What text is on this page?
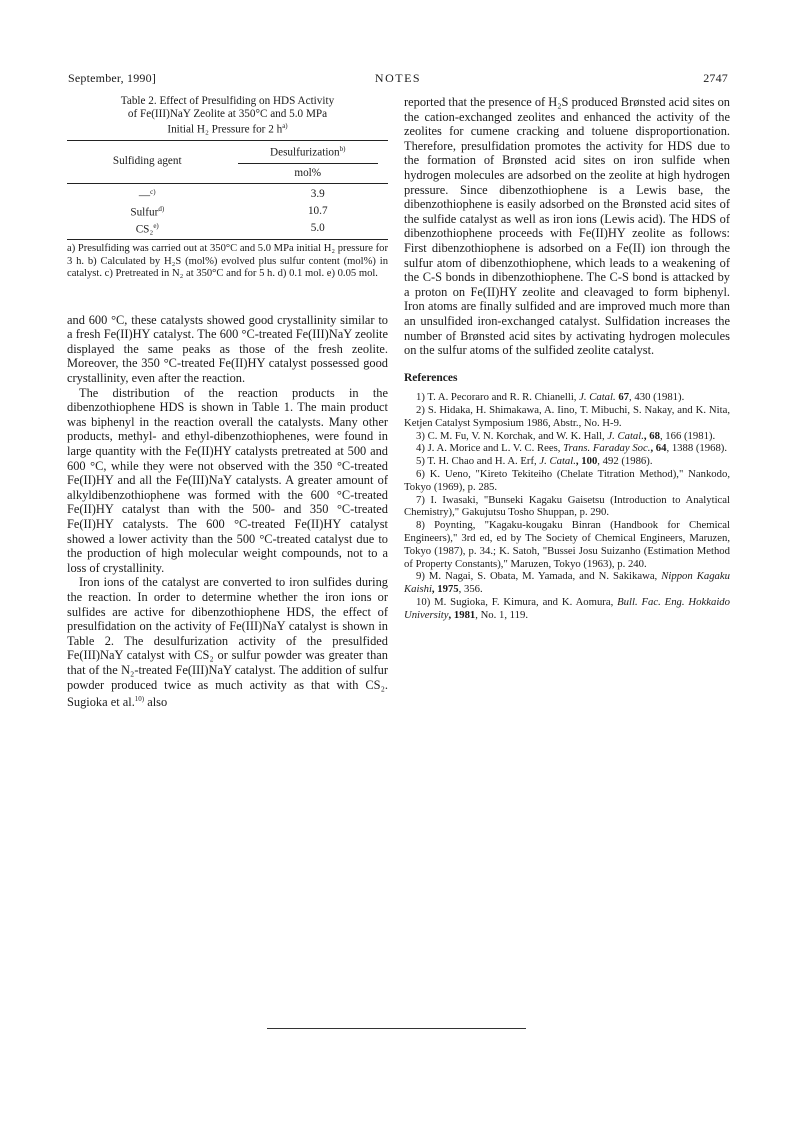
September, 1990]	NOTES	2747
Table 2. Effect of Presulfiding on HDS Activity
of Fe(III)NaY Zeolite at 350°C and 5.0 MPa
Initial H₂ Pressure for 2 $h^{a)}$
Sulfiding agent	Desulfurization$^{b)}$

	mol%

—$^{c)}$	3.9
Sulfur$^{d)}$	10.7
CS₂$^{e)}$	5.0
a) Presulfiding was carried out at 350°C and 5.0 MPa initial H₂ pressure for 3 h. b) Calculated by H₂S (mol%) evolved plus sulfur content (mol%) in catalyst. c) Pretreated in N₂ at 350°C and for 5 h. d) 0.1 mol. e) 0.05 mol.

and 600 °C, these catalysts showed good crystallinity similar to a fresh Fe(II)HY catalyst. The 600 °C-treated Fe(III)NaY zeolite displayed the same peaks as those of the fresh zeolite. Moreover, the 350 °C-treated Fe(II)HY catalyst possessed good crystallinity, even after the reaction.

The distribution of the reaction products in the dibenzothiophene HDS is shown in Table 1. The main product was biphenyl in the reaction overall the catalysts. Many other products, methyl- and ethyl-dibenzothiophenes, were found in large quantity with the Fe(II)HY catalysts pretreated at 500 and 600 °C, while they were not observed with the 350 °C-treated Fe(II)HY and all the Fe(III)NaY catalysts. A greater amount of alkyldibenzothiophene was formed with the 600 °C-treated Fe(II)HY catalyst than with the 500- and 350 °C-treated Fe(II)HY catalysts. The 600 °C-treated Fe(II)HY catalyst showed a lower activity than the 500 °C-treated catalyst due to the production of high molecular weight compounds, not to a loss of crystallinity.

Iron ions of the catalyst are converted to iron sulfides during the reaction. In order to determine whether the iron ions or sulfides are active for dibenzothiophene HDS, the effect of presulfidation on the activity of Fe(III)NaY catalyst is shown in Table 2. The desulfurization activity of the presulfided Fe(III)NaY catalyst with CS₂ or sulfur powder was greater than that of the N₂-treated Fe(III)NaY catalyst. The addition of sulfur powder produced twice as much activity as that with CS₂. Sugioka et al.$^{10)}$ also

reported that the presence of H₂S produced Brønsted acid sites on the cation-exchanged zeolites and enhanced the activity of the zeolites for cumene cracking and toluene disproportionation. Therefore, presulfidation promotes the activity for HDS due to the formation of Brønsted acid sites on iron sulfide when hydrogen molecules are adsorbed on the zeolite at high hydrogen pressure. Since dibenzothiophene is a Lewis base, the dibenzothiophene is easily adsorbed on the Brønsted acid sites of the sulfide catalyst as well as iron ions (Lewis acid). The HDS of dibenzothiophene proceeds with Fe(II)HY zeolite as follows: First dibenzothiophene is adsorbed on a Fe(II) ion through the sulfur atom of dibenzothiophene, which leads to a weakening of the C-S bonds in dibenzothiophene. The C-S bond is attacked by a proton on Fe(II)HY zeolite and cleavaged to form biphenyl. Iron atoms are finally sulfided and are improved much more than an unsulfided iron-exchanged catalyst. Sulfidation increases the number of Brønsted acid sites by activating hydrogen molecules on the sulfur atoms of the sulfided zeolite catalyst.

References

1) T. A. Pecoraro and R. R. Chianelli, J. Catal. 67, 430 (1981).

2) S. Hidaka, H. Shimakawa, A. Iino, T. Mibuchi, S. Nakay, and K. Nita, Ketjen Catalyst Symposium 1986, Abstr., No. H-9.

3) C. M. Fu, V. N. Korchak, and W. K. Hall, J. Catal., 68, 166 (1981).

4) J. A. Morice and L. V. C. Rees, Trans. Faraday Soc., 64, 1388 (1968).

5) T. H. Chao and H. A. Erf, J. Catal., 100, 492 (1986).

6) K. Ueno, "Kireto Tekiteiho (Chelate Titration Method)," Nankodo, Tokyo (1969), p. 285.

7) I. Iwasaki, "Bunseki Kagaku Gaisetsu (Introduction to Analytical Chemistry)," Gakujutsu Tosho Shuppan, p. 290.

8) Poynting, "Kagaku-kougaku Binran (Handbook for Chemical Engineers)," 3rd ed, ed by The Society of Chemical Engineers, Maruzen, Tokyo (1987), p. 34.; K. Satoh, "Bussei Josu Suizanho (Estimation Method of Property Constants)," Maruzen, Tokyo (1963), p. 240.

9) M. Nagai, S. Obata, M. Yamada, and N. Sakikawa, Nippon Kagaku Kaishi, 1975, 356.

10) M. Sugioka, F. Kimura, and K. Aomura, Bull. Fac. Eng. Hokkaido University, 1981, No. 1, 119.
